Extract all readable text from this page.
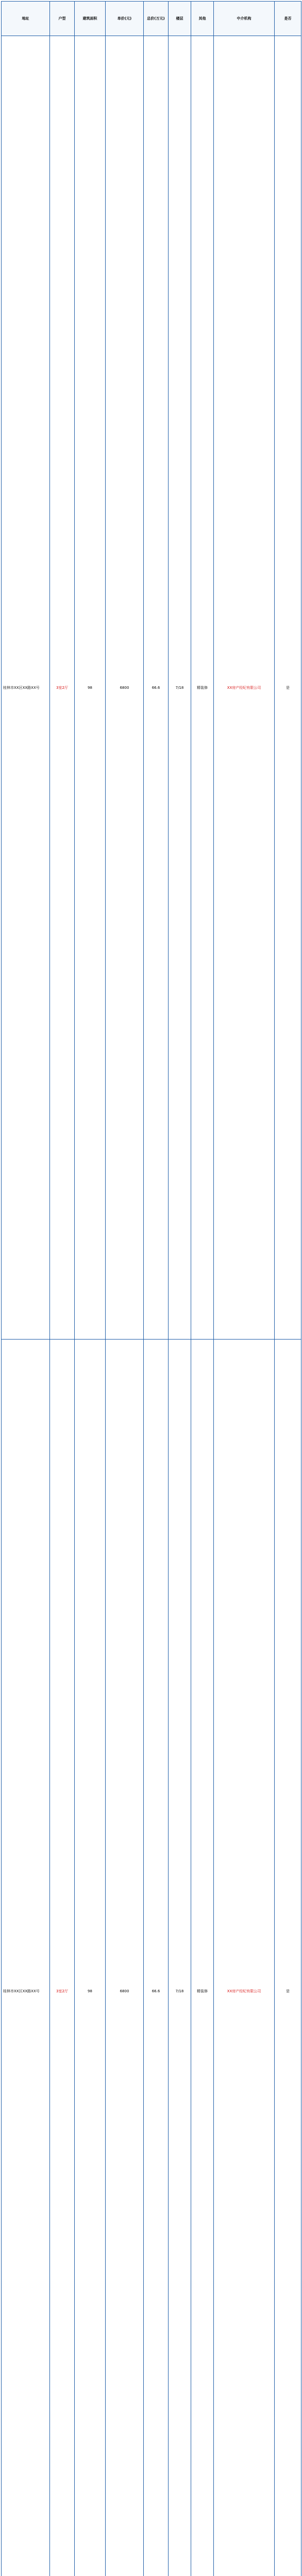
地址	户型	建筑面积	单价(元)	总价(万元)	楼层	其他	中介机构	是否
桂林市XX区XX路XX号	3室2厅	98	6800	66.6	7/18	精装修	XX房产经纪有限公司	是
桂林市XX区XX路XX号	3室2厅	98	6800	66.6	7/18	精装修	XX房产经纪有限公司	是
